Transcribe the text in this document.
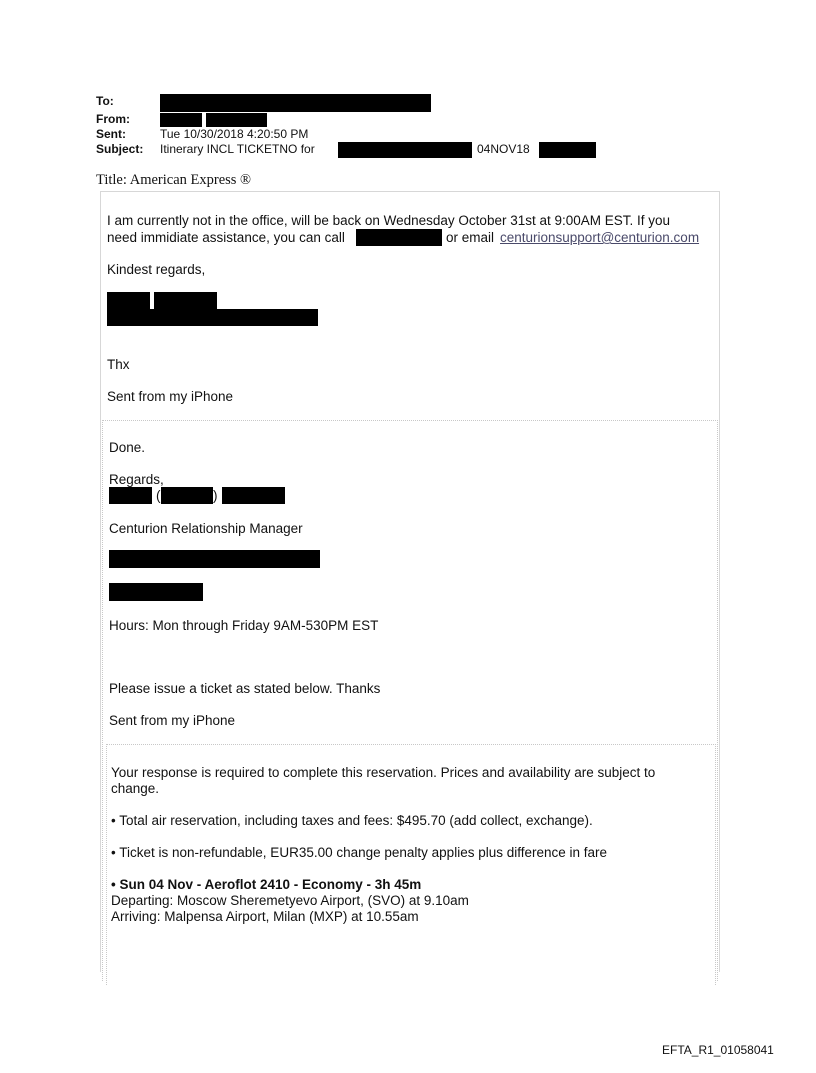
To:
From:
Sent:	Tue 10/30/2018 4:20:50 PM
Subject: Itinerary INCL TICKETNO for	04NOV18
Title: American Express ®
I am currently not in the office, will be back on Wednesday October 31st at 9:00AM EST. If you
need immidiate assistance, you can call	or email centurionsupport@centurion.com
Kindest regards,
Thx
Sent from my iPhone
Done.
Regards,
(	)
Centurion Relationship Manager
Hours: Mon through Friday 9AM-530PM EST
Please issue a ticket as stated below. Thanks
Sent from my iPhone
Your response is required to complete this reservation. Prices and availability are subject to
change.
• Total air reservation, including taxes and fees: $495.70 (add collect, exchange).
• Ticket is non-refundable, EUR35.00 change penalty applies plus difference in fare
• Sun 04 Nov - Aeroflot 2410 - Economy - 3h 45m
Departing: Moscow Sheremetyevo Airport, (SVO) at 9.10am
Arriving: Malpensa Airport, Milan (MXP) at 10.55am
EFTA_R1_01058041
